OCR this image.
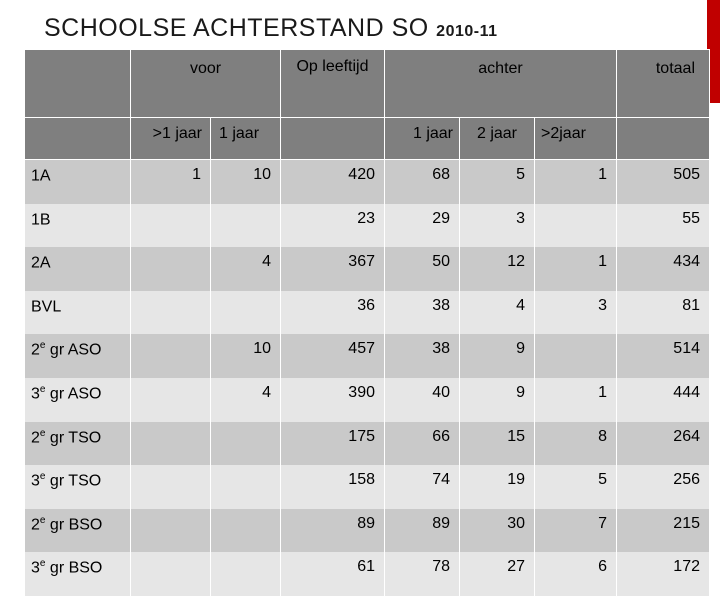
SCHOOLSE ACHTERSTAND SO 2010-11
	voor		Op leeftijd	achter			totaal
	>1 jaar	1 jaar		1 jaar	2 jaar	>2jaar	
1A	1	10	420	68	5	1	505
1B			23	29	3		55
2A		4	367	50	12	1	434
BVL			36	38	4	3	81
2e gr ASO		10	457	38	9		514
3e gr ASO		4	390	40	9	1	444
2e gr TSO			175	66	15	8	264
3e gr TSO			158	74	19	5	256
2e gr BSO			89	89	30	7	215
3e gr BSO			61	78	27	6	172
